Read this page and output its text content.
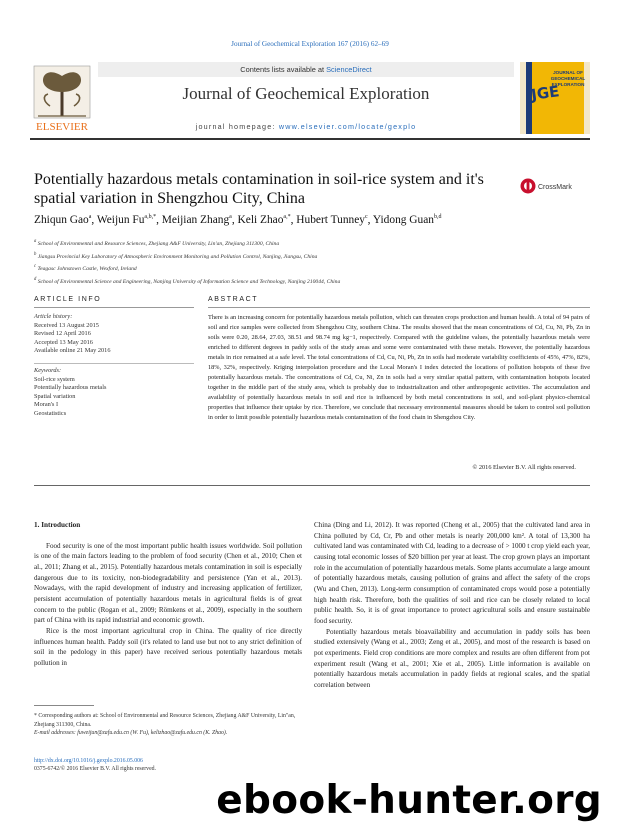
Journal of Geochemical Exploration 167 (2016) 62–69
ELSEVIER
Contents lists available at ScienceDirect
Journal of Geochemical Exploration
journal homepage: www.elsevier.com/locate/gexplo
JGE
JOURNAL OF
GEOCHEMICAL
EXPLORATION
Potentially hazardous metals contamination in soil-rice system and it's spatial variation in Shengzhou City, China
CrossMark
Zhiqun Gao$^a$, Weijun $Fu^{a,b,*}$, Meijian Zhang$^a$, Keli Zhao$^{a,*}$, Hubert Tunney$^c$, Yidong Guan$^{b,d}$
$^a$ School of Environmental and Resource Sciences, Zhejiang A&F University, Lin'an, Zhejiang 311300, China
$^b$ Jiangsu Provincial Key Laboratory of Atmospheric Environment Monitoring and Pollution Control, Nanjing, Jiangsu, China
$^c$ Teagasc Johnstown Castle, Wexford, Ireland
$^d$ School of Environmental Science and Engineering, Nanjing University of Information Science and Technology, Nanjing 210044, China
ARTICLE INFO	ABSTRACT
Article history:
Received 13 August 2015
Revised 12 April 2016
Accepted 13 May 2016
Available online 21 May 2016
Keywords:
Soil-rice system
Potentially hazardous metals
Spatial variation
Moran's I
Geostatistics
There is an increasing concern for potentially hazardous metals pollution, which can threaten crops production and human health. A total of 94 pairs of soil and rice samples were collected from Shengzhou City, southern China. The results showed that the mean concentrations of Cd, Cu, Ni, Pb, Zn in soils were 0.20, 28.64, 27.03, 38.51 and 98.74 mg kg−1, respectively. Compared with the guideline values, the potentially hazardous metals were enriched to different degrees in paddy soils of the study areas and some were contaminated with these metals. However, the potentially hazardous metals in rice remained at a safe level. The total concentrations of Cd, Cu, Ni, Pb, Zn in soils had moderate variability coefficients of 45%, 47%, 82%, 18%, 32%, respectively. Kriging interpolation procedure and the Local Moran's I index detected the locations of pollution hotspots of these five potentially hazardous metals. The concentrations of Cd, Cu, Ni, Zn in soils had a very similar spatial pattern, with contamination hotspots located together in the middle part of the study area, which is probably due to industrialization and other anthropogenic activities. The accumulation and availability of potentially hazardous metals in soil and rice is influenced by both metal concentrations in soil, and soil-plant physico-chemical properties that influence their uptake by rice. Therefore, we conclude that necessary environmental measures should be taken to control soil pollution in order to limit possible potentially hazardous metals contamination of the food chain in Shengzhou City.
© 2016 Elsevier B.V. All rights reserved.

1. Introduction

Food security is one of the most important public health issues worldwide. Soil pollution is one of the main factors leading to the problem of food security (Chen et al., 2010; Chen et al., 2011; Zhang et al., 2015). Potentially hazardous metals contamination in soil is especially dangerous due to its toxicity, non-biodegradability and persistence (Yan et al., 2013). Nowadays, with the rapid development of industry and increasing application of fertilizer, persistent accumulation of potentially hazardous metals in agricultural fields is of great concern to the public (Rogan et al., 2009; Römkens et al., 2009), especially in the southern part of China with its rapid industrial and economic growth.

Rice is the most important agricultural crop in China. The quality of rice directly influences human health. Paddy soil (it's related to land use but not to any strict definition of soil in the pedology in this paper) have received serious potentially hazardous metals pollution in

China (Ding and Li, 2012). It was reported (Cheng et al., 2005) that the cultivated land area in China polluted by Cd, Cr, Pb and other metals is nearly 200,000 km². A total of 13,300 ha cultivated land was contaminated with Cd, leading to a decrease of > 1000 t crop yield each year, causing total economic losses of $20 billion per year at least. The crop grown plays an important role in the accumulation of potentially hazardous metals. Some plants accumulate a large amount of potentially hazardous metals, causing pollution of grains and affect the safety of the crops (Wu and Chen, 2013). Long-term consumption of contaminated crops would pose a potentially high health risk. Therefore, both the qualities of soil and rice can be closely related to local public health. So, it is of great importance to protect agricultural soils and ensure sustainable food security.

Potentially hazardous metals bioavailability and accumulation in paddy soils has been studied extensively (Wang et al., 2003; Zeng et al., 2005), and most of the research is based on pot experiments. Field crop conditions are more complex and results are often different from pot experiment result (Wang et al., 2001; Xie et al., 2005). Little information is available on potentially hazardous metals accumulation in paddy fields at regional scales, and the spatial correlation between

* Corresponding authors at: School of Environmental and Resource Sciences, Zhejiang A&F University, Lin"an, Zhejiang 311300, China.
E-mail addresses: fuweijun@zafu.edu.cn (W. Fu), kelizhao@zafu.edu.cn (K. Zhao).
http://dx.doi.org/10.1016/j.gexplo.2016.05.006
0375-6742/© 2016 Elsevier B.V. All rights reserved.
ebook-hunter.org
